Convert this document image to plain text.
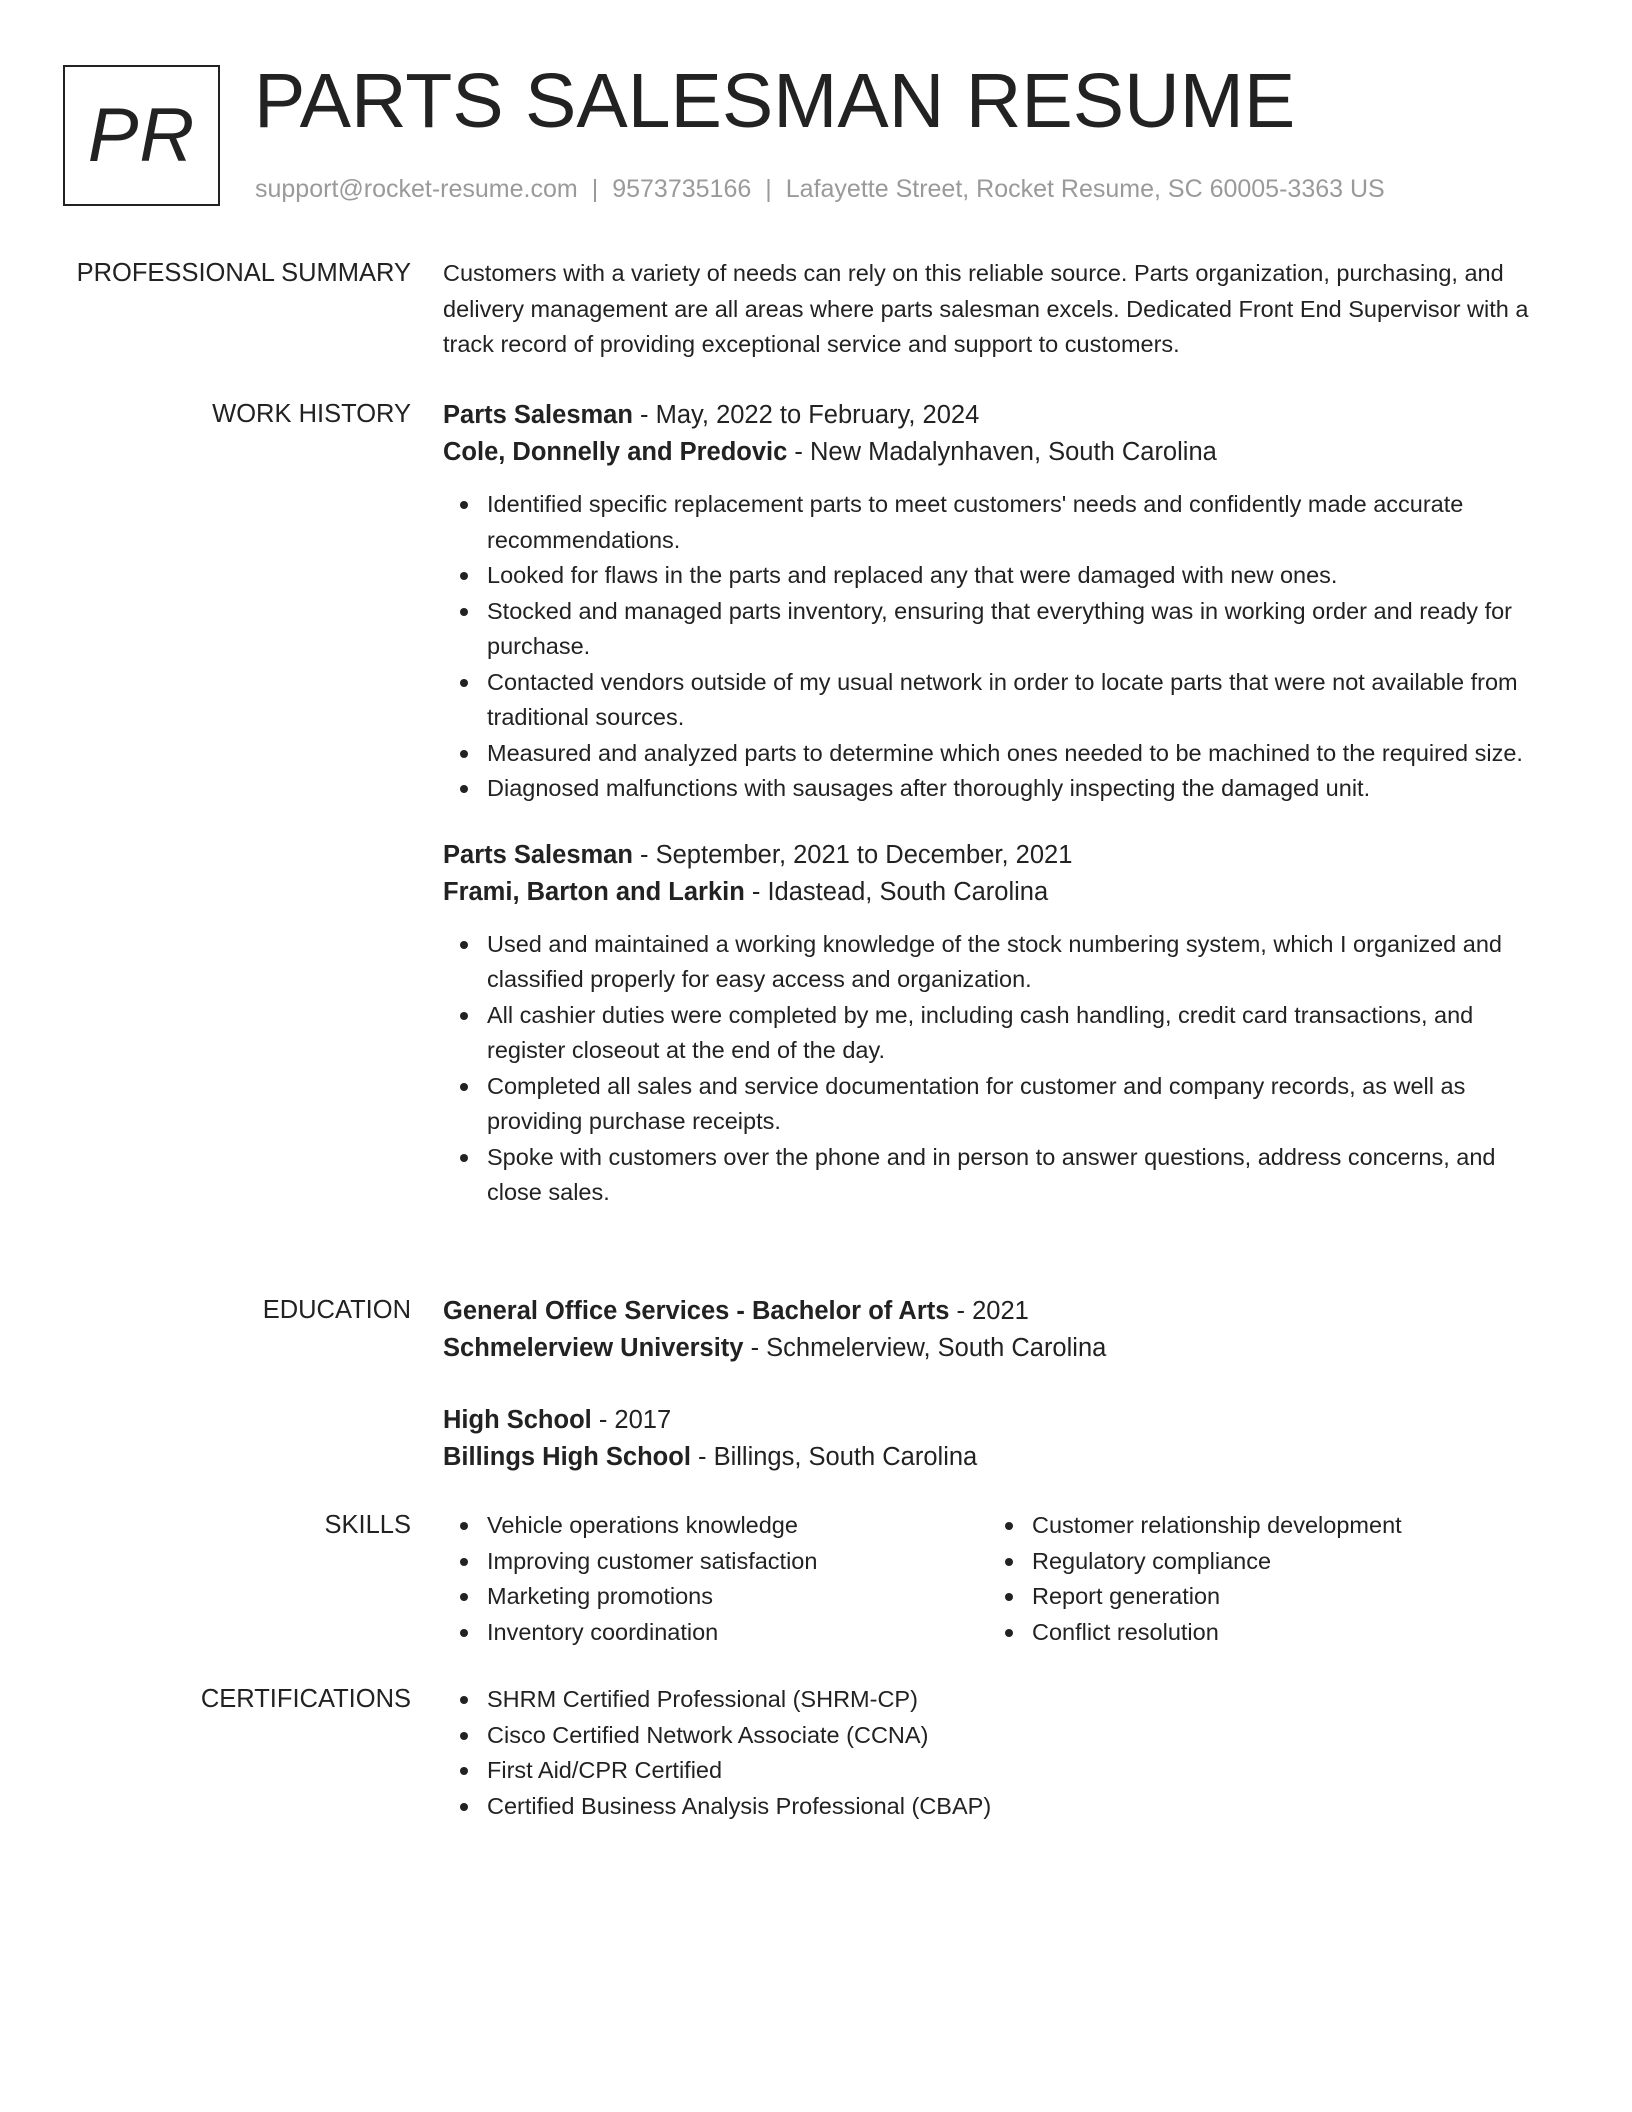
PR PARTS SALESMAN RESUME
support@rocket-resume.com | 9573735166 | Lafayette Street, Rocket Resume, SC 60005-3363 US
PROFESSIONAL SUMMARY Customers with a variety of needs can rely on this reliable source. Parts organization, purchasing, and delivery management are all areas where parts salesman excels. Dedicated Front End Supervisor with a track record of providing exceptional service and support to customers.

WORK HISTORY Parts Salesman - May, 2022 to February, 2024

Cole, Donnelly and Predovic - New Madalynhaven, South Carolina

Identified specific replacement parts to meet customers' needs and confidently made accurate recommendations.
Looked for flaws in the parts and replaced any that were damaged with new ones.
Stocked and managed parts inventory, ensuring that everything was in working order and ready for purchase.
Contacted vendors outside of my usual network in order to locate parts that were not available from traditional sources.
Measured and analyzed parts to determine which ones needed to be machined to the required size.
Diagnosed malfunctions with sausages after thoroughly inspecting the damaged unit.

Parts Salesman - September, 2021 to December, 2021

Frami, Barton and Larkin - Idastead, South Carolina

Used and maintained a working knowledge of the stock numbering system, which I organized and classified properly for easy access and organization.
All cashier duties were completed by me, including cash handling, credit card transactions, and register closeout at the end of the day.
Completed all sales and service documentation for customer and company records, as well as providing purchase receipts.
Spoke with customers over the phone and in person to answer questions, address concerns, and close sales.
EDUCATION General Office Services - Bachelor of Arts - 2021

Schmelerview University - Schmelerview, South Carolina

High School - 2017

Billings High School - Billings, South Carolina

SKILLS	Vehicle operations knowledge
Improving customer satisfaction
Marketing promotions
Inventory coordination
Customer relationship development
Regulatory compliance
Report generation
Conflict resolution
CERTIFICATIONS	SHRM Certified Professional (SHRM-CP)
Cisco Certified Network Associate (CCNA)
First Aid/CPR Certified
Certified Business Analysis Professional (CBAP)
